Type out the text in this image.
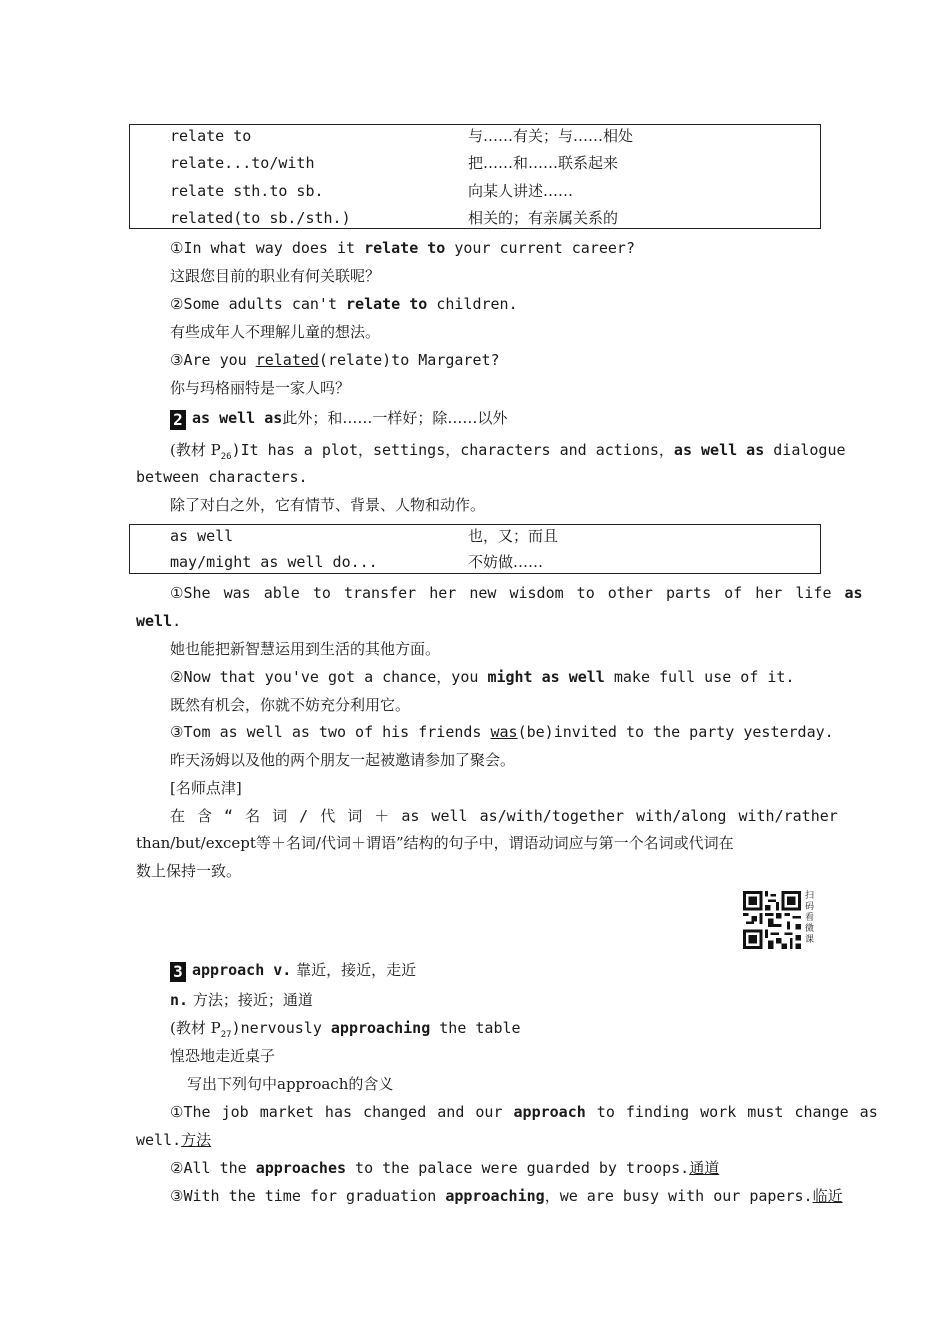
relate to	与……有关；与……相处
relate...to/with	把……和……联系起来
relate sth.to sb.	向某人讲述……
related(to sb./sth.)	相关的；有亲属关系的
①In what way does it relate to your current career?
这跟您目前的职业有何关联呢？
②Some adults can't relate to children.
有些成年人不理解儿童的想法。
③Are you related(relate)to Margaret?
你与玛格丽特是一家人吗？
2 as well as此外；和……一样好；除……以外
(教材 $P_{26})It$ has a plot，settings，characters and actions，as well as dialogue
between characters.
除了对白之外，它有情节、背景、人物和动作。
as well	也，又；而且
may/might as well do...	不妨做……
①She was able to transfer her new wisdom to other parts of her life as
well.
她也能把新智慧运用到生活的其他方面。
②Now that you've got a chance，you might as well make full use of it.
既然有机会，你就不妨充分利用它。
③Tom as well as two of his friends was(be)invited to the party yesterday.
昨天汤姆以及他的两个朋友一起被邀请参加了聚会。
[名师点津]
在 含 “ 名 词 / 代 词 ＋ as well as/with/together with/along with/rather
than/but/except等＋名词/代词＋谓语”结构的句子中，谓语动词应与第一个名词或代词在
数上保持一致。
扫码看微课
3 approach v. 靠近，接近，走近
n. 方法；接近；通道
(教材 $P_{27})nervously$ approaching the table
惶恐地走近桌子
写出下列句中approach的含义
①The job market has changed and our approach to finding work must change as
well.方法
②All the approaches to the palace were guarded by troops.通道
③With the time for graduation approaching，we are busy with our papers.临近
